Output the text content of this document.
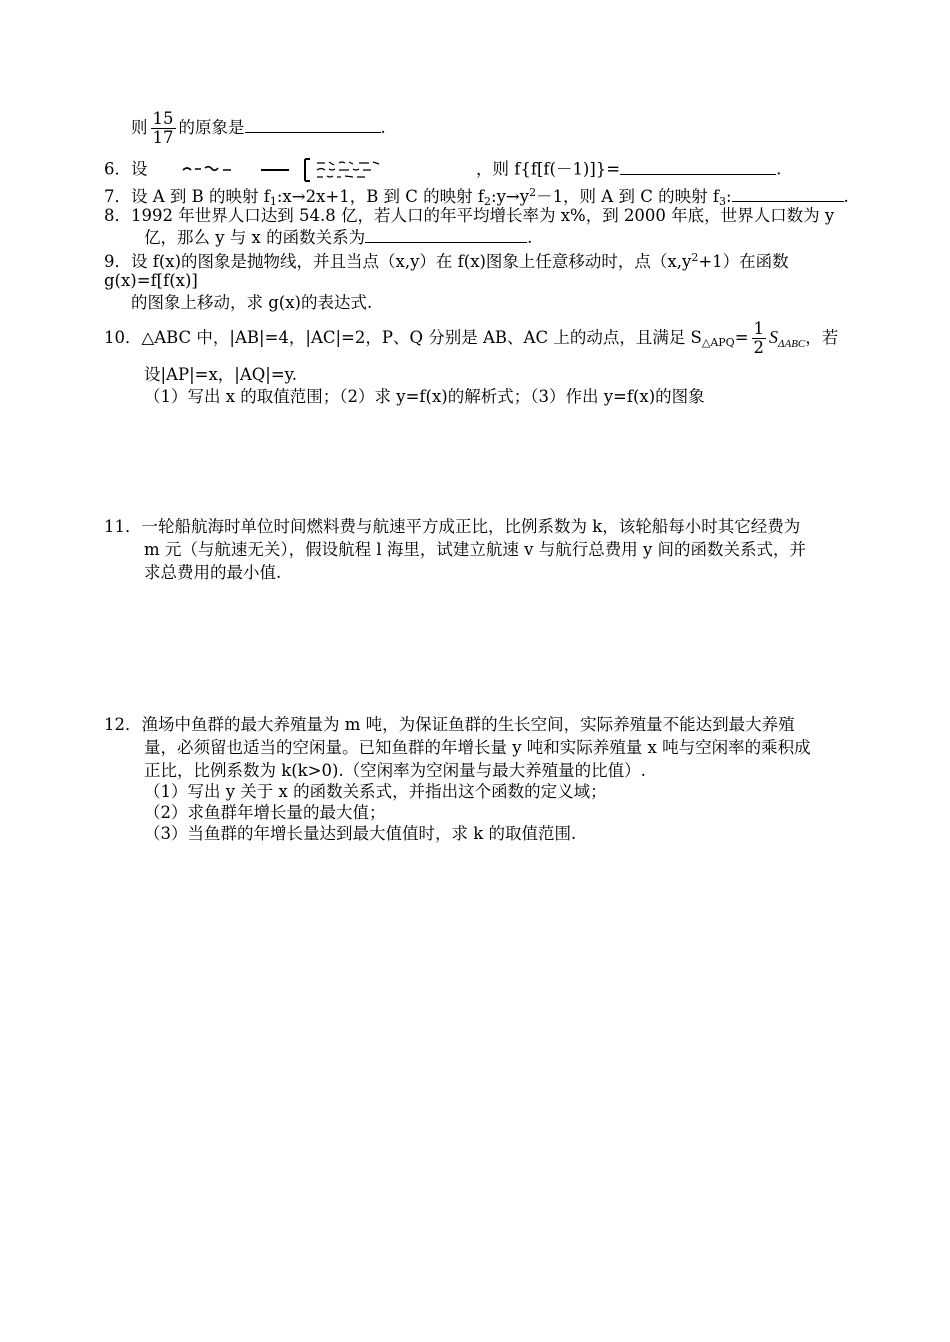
则 $\frac{15}{17}$ 的原象是	.
6．设	，则 f{f[f(－1)]}=	.
7．设 A 到 B 的映射 $f_1:x\to 2x+1$，B 到 C 的映射 $f_2:y\to y^2-1$，则 A 到 C 的映射 $f_3$:	.
8．1992 年世界人口达到 54.8 亿，若人口的年平均增长率为 x%，到 2000 年底，世界人口数为 y
亿，那么 y 与 x 的函数关系为	.
9．设 f(x)的图象是抛物线，并且当点（x,y）在 f(x)图象上任意移动时，点$(x,y^2+1)$在函数
g(x)=f[f(x)]
的图象上移动，求 g(x)的表达式.
10．△ABC 中，|AB|=4，|AC|=2，P、Q 分别是 AB、AC 上的动点，且满足 $S_{\triangle APQ}= \frac{1}{2} S_{\Delta ABC}$，若
设|AP|=x，|AQ|=y.
（1）写出 x 的取值范围；（2）求 y=f(x)的解析式；（3）作出 y=f(x)的图象
11．一轮船航海时单位时间燃料费与航速平方成正比，比例系数为 k，该轮船每小时其它经费为
m 元（与航速无关），假设航程 l 海里，试建立航速 v 与航行总费用 y 间的函数关系式，并
求总费用的最小值.
12．渔场中鱼群的最大养殖量为 m 吨，为保证鱼群的生长空间，实际养殖量不能达到最大养殖
量，必须留也适当的空闲量。已知鱼群的年增长量 y 吨和实际养殖量 x 吨与空闲率的乘积成
正比，比例系数为 k(k>0).（空闲率为空闲量与最大养殖量的比值）.
（1）写出 y 关于 x 的函数关系式，并指出这个函数的定义域；
（2）求鱼群年增长量的最大值；
（3）当鱼群的年增长量达到最大值值时，求 k 的取值范围.
